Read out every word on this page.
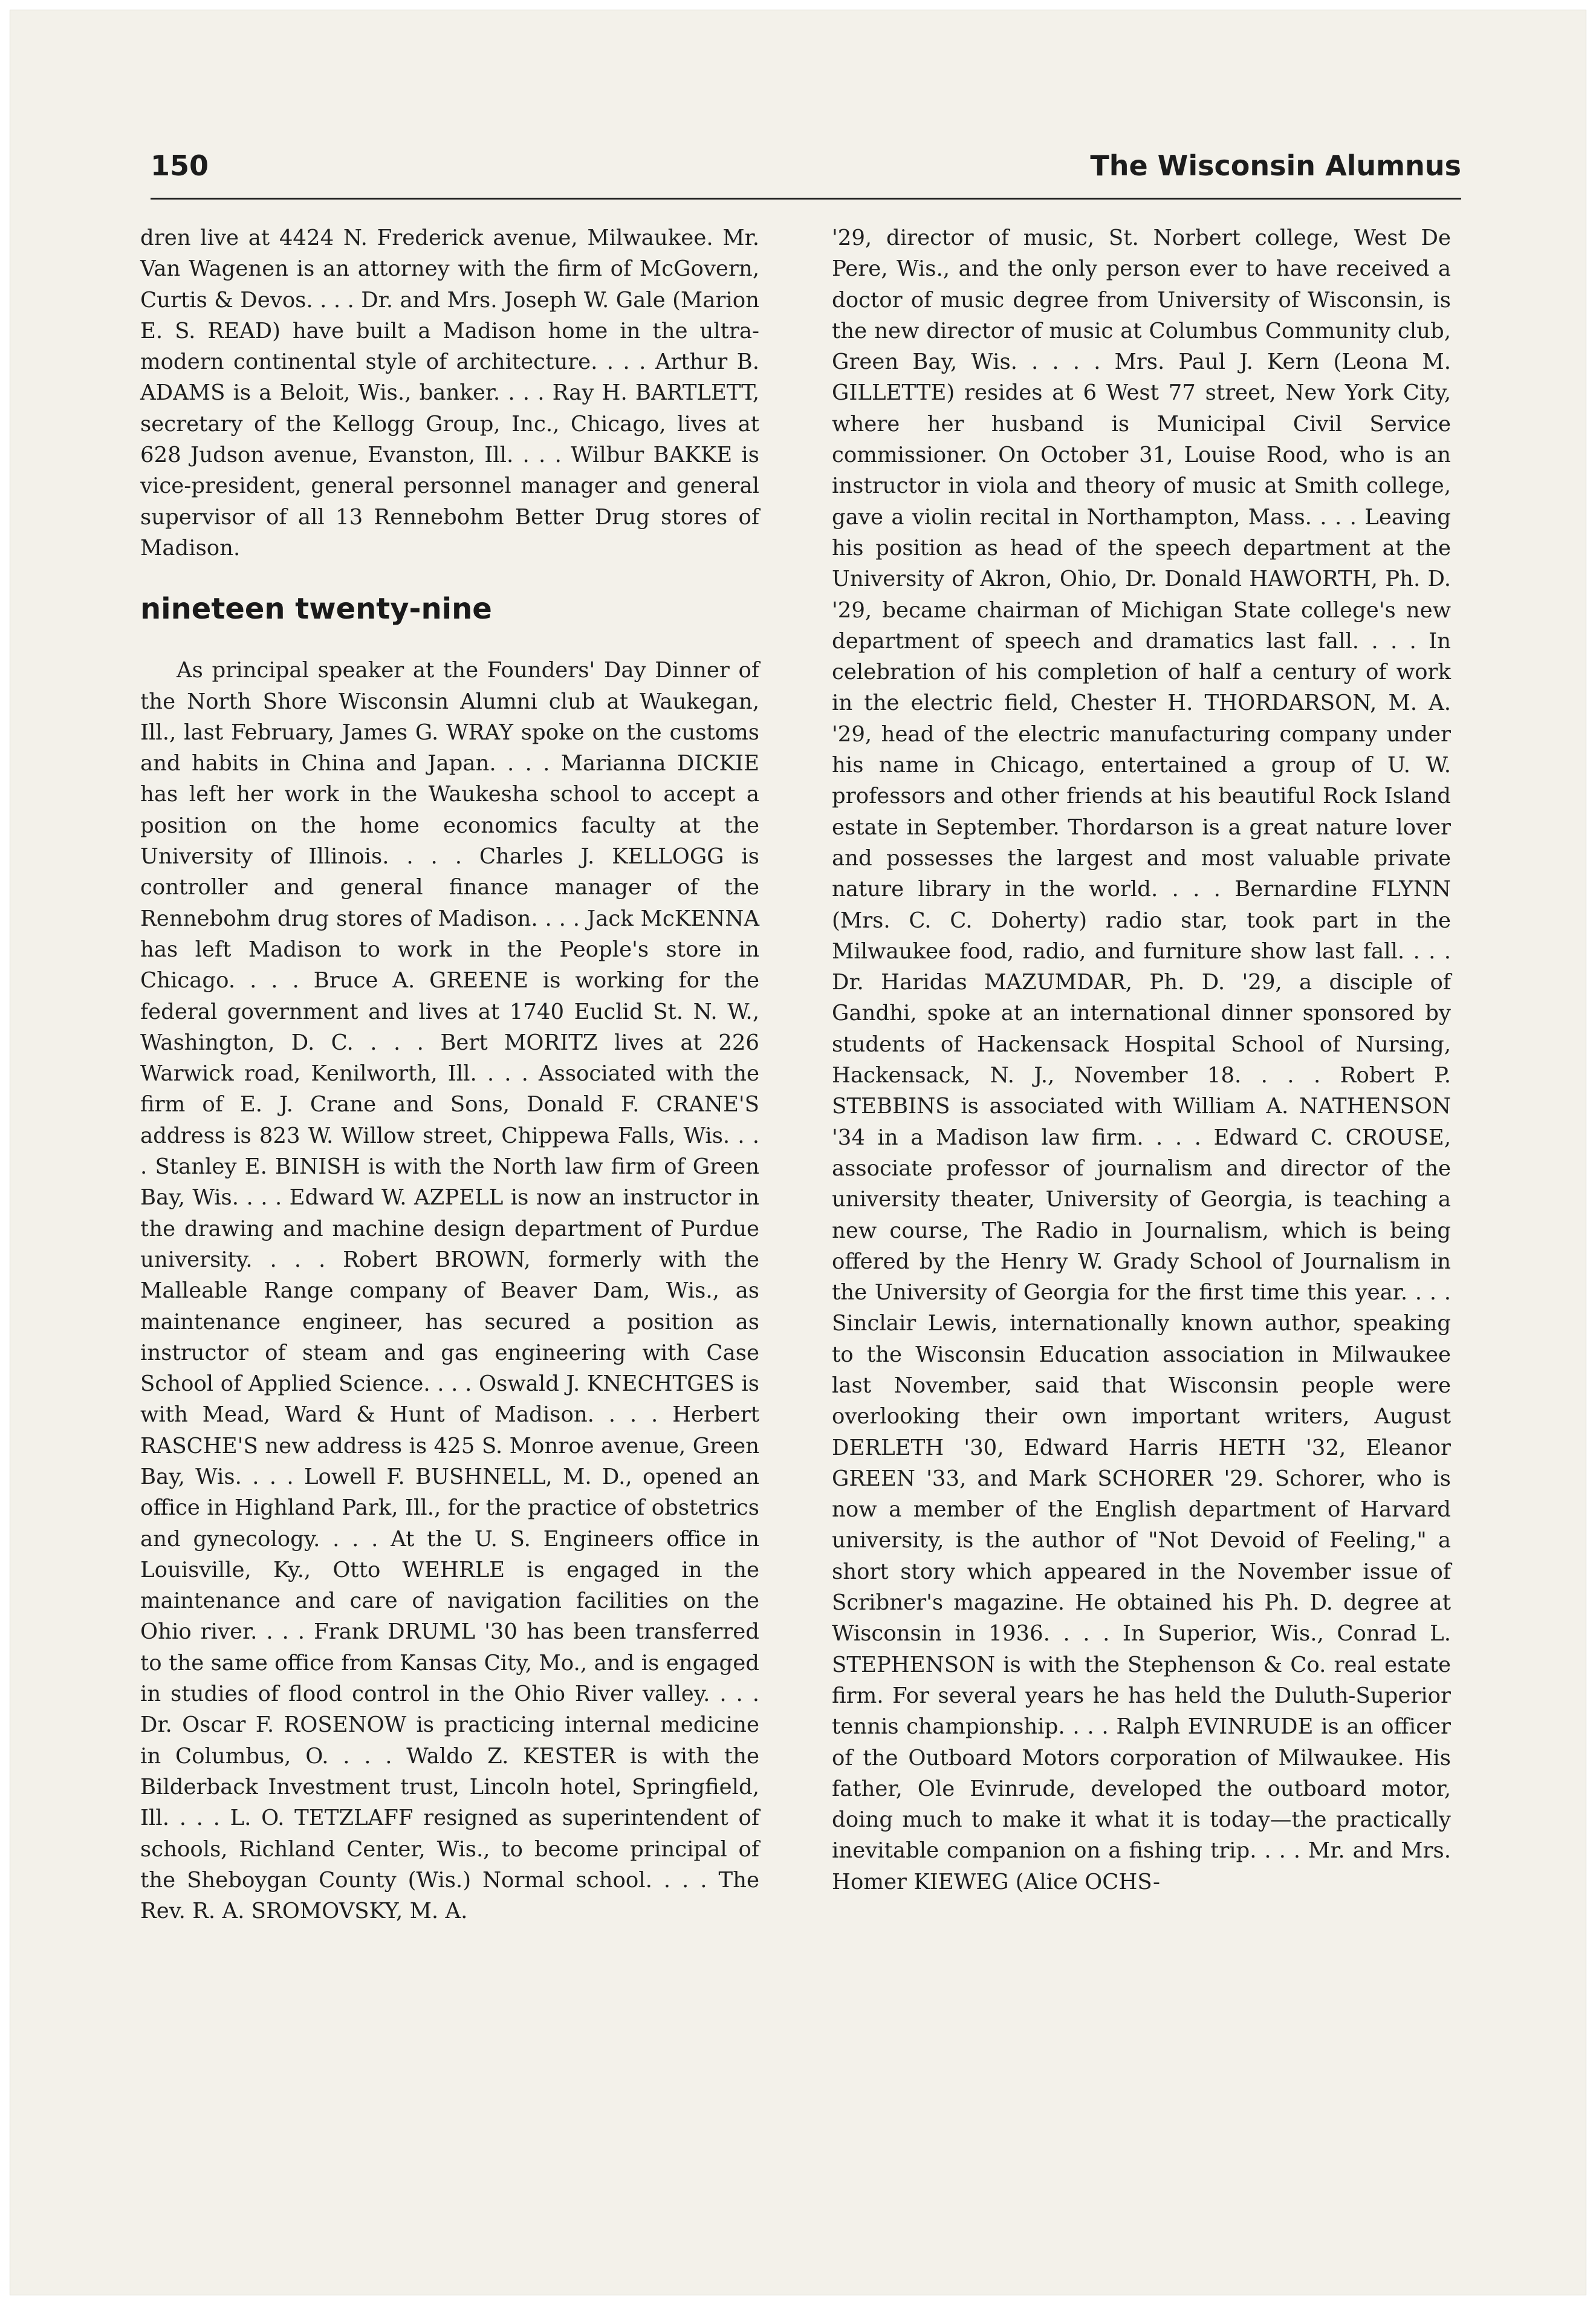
150	The Wisconsin Alumnus

dren live at 4424 N. Frederick avenue, Milwaukee. Mr. Van Wagenen is an attorney with the firm of McGovern, Curtis & Devos. . . . Dr. and Mrs. Joseph W. Gale (Marion E. S. READ) have built a Madison home in the ultra-modern continental style of architecture. . . . Arthur B. ADAMS is a Beloit, Wis., banker. . . . Ray H. BARTLETT, secretary of the Kellogg Group, Inc., Chicago, lives at 628 Judson avenue, Evanston, Ill. . . . Wilbur BAKKE is vice-president, general personnel manager and general supervisor of all 13 Rennebohm Better Drug stores of Madison.

nineteen twenty-nine

As principal speaker at the Founders' Day Dinner of the North Shore Wisconsin Alumni club at Waukegan, Ill., last February, James G. WRAY spoke on the customs and habits in China and Japan. . . . Marianna DICKIE has left her work in the Waukesha school to accept a position on the home economics faculty at the University of Illinois. . . . Charles J. KELLOGG is controller and general finance manager of the Rennebohm drug stores of Madison. . . . Jack McKENNA has left Madison to work in the People's store in Chicago. . . . Bruce A. GREENE is working for the federal government and lives at 1740 Euclid St. N. W., Washington, D. C. . . . Bert MORITZ lives at 226 Warwick road, Kenilworth, Ill. . . . Associated with the firm of E. J. Crane and Sons, Donald F. CRANE'S address is 823 W. Willow street, Chippewa Falls, Wis. . . . Stanley E. BINISH is with the North law firm of Green Bay, Wis. . . . Edward W. AZPELL is now an instructor in the drawing and machine design department of Purdue university. . . . Robert BROWN, formerly with the Malleable Range company of Beaver Dam, Wis., as maintenance engineer, has secured a position as instructor of steam and gas engineering with Case School of Applied Science. . . . Oswald J. KNECHTGES is with Mead, Ward & Hunt of Madison. . . . Herbert RASCHE'S new address is 425 S. Monroe avenue, Green Bay, Wis. . . . Lowell F. BUSHNELL, M. D., opened an office in Highland Park, Ill., for the practice of obstetrics and gynecology. . . . At the U. S. Engineers office in Louisville, Ky., Otto WEHRLE is engaged in the maintenance and care of navigation facilities on the Ohio river. . . . Frank DRUML '30 has been transferred to the same office from Kansas City, Mo., and is engaged in studies of flood control in the Ohio River valley. . . . Dr. Oscar F. ROSENOW is practicing internal medicine in Columbus, O. . . . Waldo Z. KESTER is with the Bilderback Investment trust, Lincoln hotel, Springfield, Ill. . . . L. O. TETZLAFF resigned as superintendent of schools, Richland Center, Wis., to become principal of the Sheboygan County (Wis.) Normal school. . . . The Rev. R. A. SROMOVSKY, M. A.

'29, director of music, St. Norbert college, West De Pere, Wis., and the only person ever to have received a doctor of music degree from University of Wisconsin, is the new director of music at Columbus Community club, Green Bay, Wis. . . . . Mrs. Paul J. Kern (Leona M. GILLETTE) resides at 6 West 77 street, New York City, where her husband is Municipal Civil Service commissioner. On October 31, Louise Rood, who is an instructor in viola and theory of music at Smith college, gave a violin recital in Northampton, Mass. . . . Leaving his position as head of the speech department at the University of Akron, Ohio, Dr. Donald HAWORTH, Ph. D. '29, became chairman of Michigan State college's new department of speech and dramatics last fall. . . . In celebration of his completion of half a century of work in the electric field, Chester H. THORDARSON, M. A. '29, head of the electric manufacturing company under his name in Chicago, entertained a group of U. W. professors and other friends at his beautiful Rock Island estate in September. Thordarson is a great nature lover and possesses the largest and most valuable private nature library in the world. . . . Bernardine FLYNN (Mrs. C. C. Doherty) radio star, took part in the Milwaukee food, radio, and furniture show last fall. . . . Dr. Haridas MAZUMDAR, Ph. D. '29, a disciple of Gandhi, spoke at an international dinner sponsored by students of Hackensack Hospital School of Nursing, Hackensack, N. J., November 18. . . . Robert P. STEBBINS is associated with William A. NATHENSON '34 in a Madison law firm. . . . Edward C. CROUSE, associate professor of journalism and director of the university theater, University of Georgia, is teaching a new course, The Radio in Journalism, which is being offered by the Henry W. Grady School of Journalism in the University of Georgia for the first time this year. . . . Sinclair Lewis, internationally known author, speaking to the Wisconsin Education association in Milwaukee last November, said that Wisconsin people were overlooking their own important writers, August DERLETH '30, Edward Harris HETH '32, Eleanor GREEN '33, and Mark SCHORER '29. Schorer, who is now a member of the English department of Harvard university, is the author of "Not Devoid of Feeling," a short story which appeared in the November issue of Scribner's magazine. He obtained his Ph. D. degree at Wisconsin in 1936. . . . In Superior, Wis., Conrad L. STEPHENSON is with the Stephenson & Co. real estate firm. For several years he has held the Duluth-Superior tennis championship. . . . Ralph EVINRUDE is an officer of the Outboard Motors corporation of Milwaukee. His father, Ole Evinrude, developed the outboard motor, doing much to make it what it is today—the practically inevitable companion on a fishing trip. . . . Mr. and Mrs. Homer KIEWEG (Alice OCHS-
